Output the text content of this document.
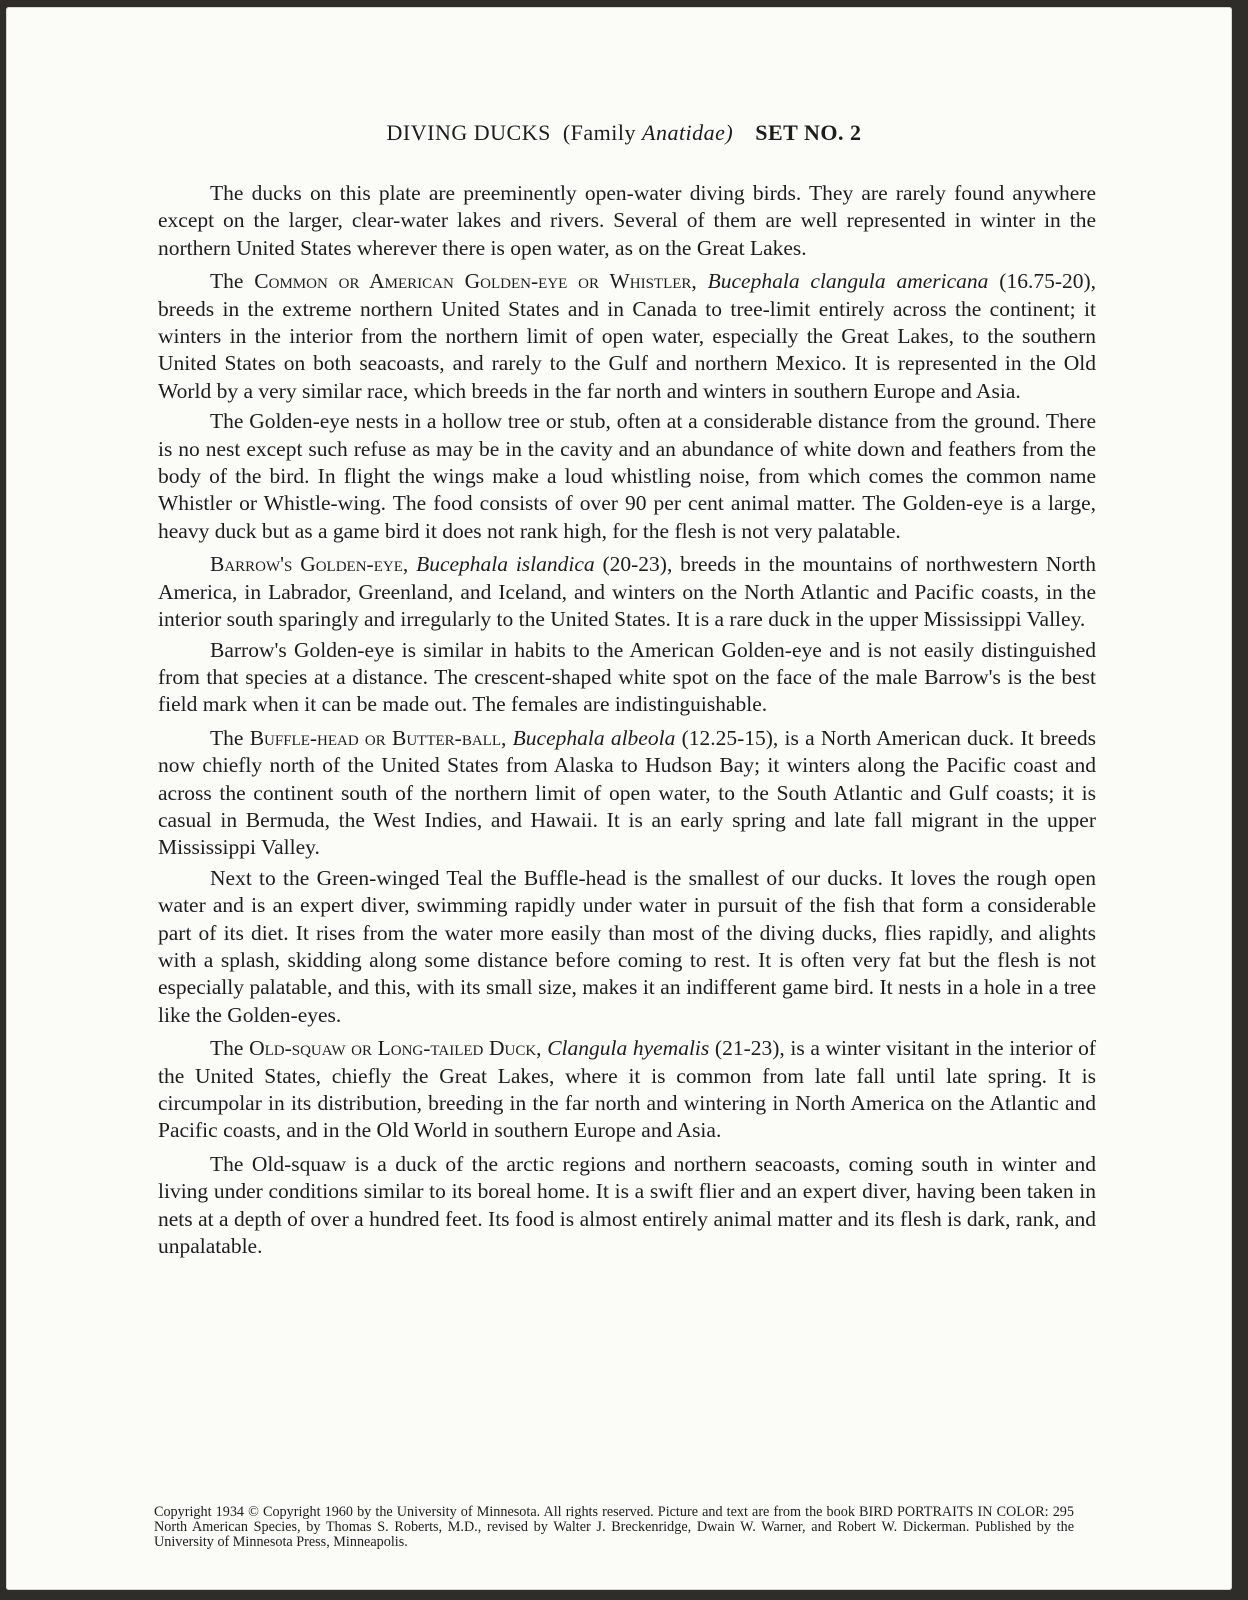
DIVING DUCKS (Family Anatidae) SET NO. 2

The ducks on this plate are preeminently open-water diving birds. They are rarely found anywhere except on the larger, clear-water lakes and rivers. Several of them are well represented in winter in the northern United States wherever there is open water, as on the Great Lakes.

The Common or American Golden-eye or Whistler, Bucephala clangula americana (16.75-20), breeds in the extreme northern United States and in Canada to tree-limit entirely across the continent; it winters in the interior from the northern limit of open water, especially the Great Lakes, to the southern United States on both seacoasts, and rarely to the Gulf and northern Mexico. It is represented in the Old World by a very similar race, which breeds in the far north and winters in southern Europe and Asia.

The Golden-eye nests in a hollow tree or stub, often at a considerable distance from the ground. There is no nest except such refuse as may be in the cavity and an abundance of white down and feathers from the body of the bird. In flight the wings make a loud whistling noise, from which comes the common name Whistler or Whistle-wing. The food consists of over 90 per cent animal matter. The Golden-eye is a large, heavy duck but as a game bird it does not rank high, for the flesh is not very palatable.

Barrow's Golden-eye, Bucephala islandica (20-23), breeds in the mountains of northwestern North America, in Labrador, Greenland, and Iceland, and winters on the North Atlantic and Pacific coasts, in the interior south sparingly and irregularly to the United States. It is a rare duck in the upper Mississippi Valley.

Barrow's Golden-eye is similar in habits to the American Golden-eye and is not easily distinguished from that species at a distance. The crescent-shaped white spot on the face of the male Barrow's is the best field mark when it can be made out. The females are indistinguishable.

The Buffle-head or Butter-ball, Bucephala albeola (12.25-15), is a North American duck. It breeds now chiefly north of the United States from Alaska to Hudson Bay; it winters along the Pacific coast and across the continent south of the northern limit of open water, to the South Atlantic and Gulf coasts; it is casual in Bermuda, the West Indies, and Hawaii. It is an early spring and late fall migrant in the upper Mississippi Valley.

Next to the Green-winged Teal the Buffle-head is the smallest of our ducks. It loves the rough open water and is an expert diver, swimming rapidly under water in pursuit of the fish that form a considerable part of its diet. It rises from the water more easily than most of the diving ducks, flies rapidly, and alights with a splash, skidding along some distance before coming to rest. It is often very fat but the flesh is not especially palatable, and this, with its small size, makes it an indifferent game bird. It nests in a hole in a tree like the Golden-eyes.

The Old-squaw or Long-tailed Duck, Clangula hyemalis (21-23), is a winter visitant in the interior of the United States, chiefly the Great Lakes, where it is common from late fall until late spring. It is circumpolar in its distribution, breeding in the far north and wintering in North America on the Atlantic and Pacific coasts, and in the Old World in southern Europe and Asia.

The Old-squaw is a duck of the arctic regions and northern seacoasts, coming south in winter and living under conditions similar to its boreal home. It is a swift flier and an expert diver, having been taken in nets at a depth of over a hundred feet. Its food is almost entirely animal matter and its flesh is dark, rank, and unpalatable.

Copyright 1934 © Copyright 1960 by the University of Minnesota. All rights reserved. Picture and text are from the book BIRD PORTRAITS IN COLOR: 295 North American Species, by Thomas S. Roberts, M.D., revised by Walter J. Breckenridge, Dwain W. Warner, and Robert W. Dickerman. Published by the University of Minnesota Press, Minneapolis.
